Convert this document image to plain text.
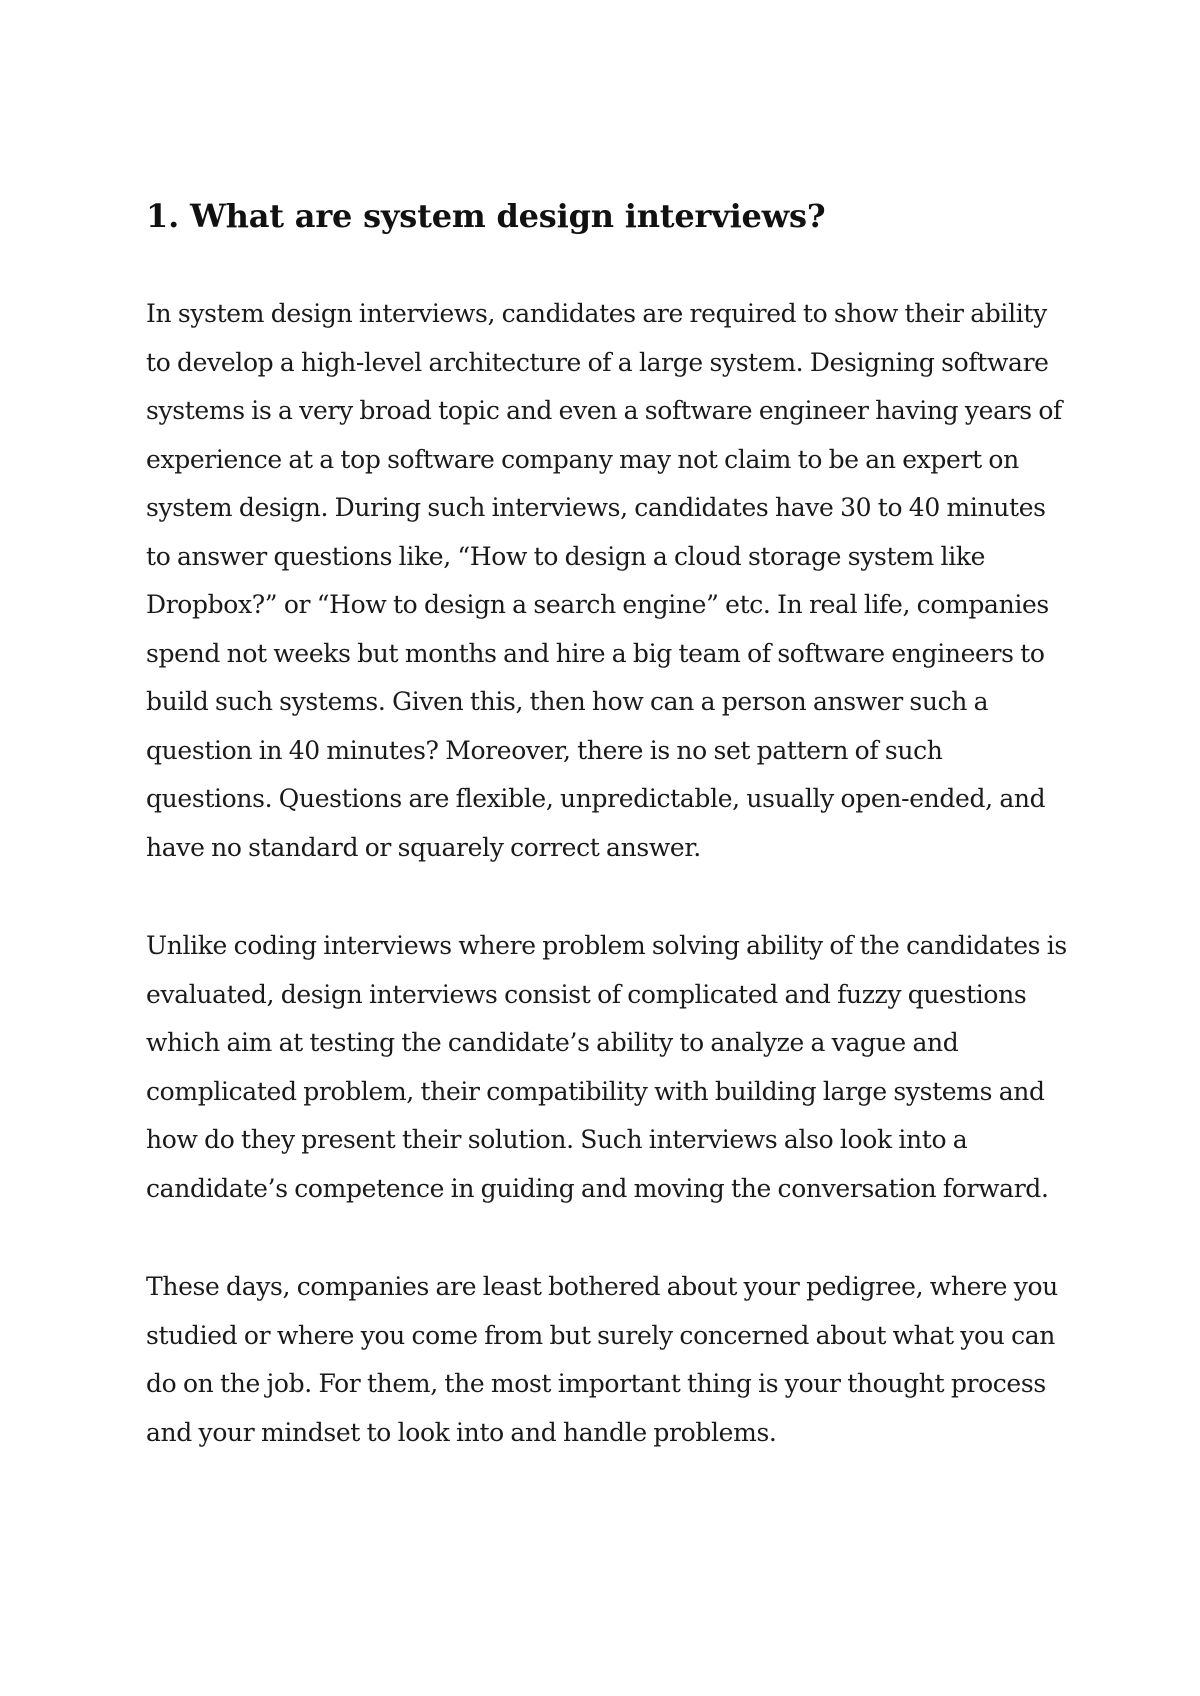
1. What are system design interviews?

In system design interviews, candidates are required to show their ability to develop a high-level architecture of a large system. Designing software systems is a very broad topic and even a software engineer having years of experience at a top software company may not claim to be an expert on system design. During such interviews, candidates have 30 to 40 minutes to answer questions like, “How to design a cloud storage system like Dropbox?” or “How to design a search engine” etc. In real life, companies spend not weeks but months and hire a big team of software engineers to build such systems. Given this, then how can a person answer such a question in 40 minutes? Moreover, there is no set pattern of such questions. Questions are flexible, unpredictable, usually open-ended, and have no standard or squarely correct answer.

Unlike coding interviews where problem solving ability of the candidates is evaluated, design interviews consist of complicated and fuzzy questions which aim at testing the candidate’s ability to analyze a vague and complicated problem, their compatibility with building large systems and how do they present their solution. Such interviews also look into a candidate’s competence in guiding and moving the conversation forward.

These days, companies are least bothered about your pedigree, where you studied or where you come from but surely concerned about what you can do on the job. For them, the most important thing is your thought process and your mindset to look into and handle problems.
